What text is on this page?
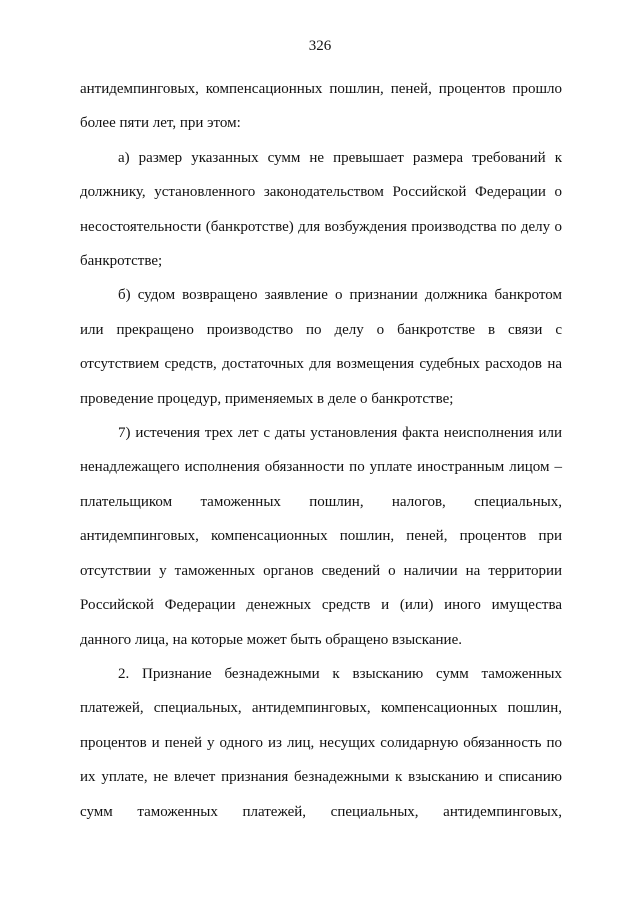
326

антидемпинговых, компенсационных пошлин, пеней, процентов прошло более пяти лет, при этом:

а) размер указанных сумм не превышает размера требований к должнику, установленного законодательством Российской Федерации о несостоятельности (банкротстве) для возбуждения производства по делу о банкротстве;

б) судом возвращено заявление о признании должника банкротом или прекращено производство по делу о банкротстве в связи с отсутствием средств, достаточных для возмещения судебных расходов на проведение процедур, применяемых в деле о банкротстве;

7) истечения трех лет с даты установления факта неисполнения или ненадлежащего исполнения обязанности по уплате иностранным лицом – плательщиком таможенных пошлин, налогов, специальных, антидемпинговых, компенсационных пошлин, пеней, процентов при отсутствии у таможенных органов сведений о наличии на территории Российской Федерации денежных средств и (или) иного имущества данного лица, на которые может быть обращено взыскание.

2. Признание безнадежными к взысканию сумм таможенных платежей, специальных, антидемпинговых, компенсационных пошлин, процентов и пеней у одного из лиц, несущих солидарную обязанность по их уплате, не влечет признания безнадежными к взысканию и списанию сумм таможенных платежей, специальных, антидемпинговых,
